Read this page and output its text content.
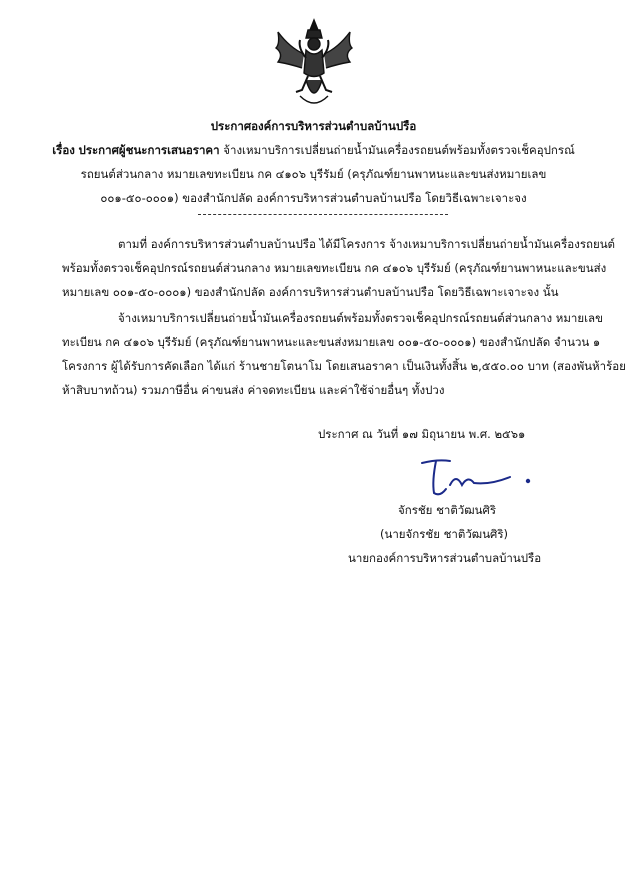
ประกาศองค์การบริหารส่วนตำบลบ้านปรือ
เรื่อง ประกาศผู้ชนะการเสนอราคา จ้างเหมาบริการเปลี่ยนถ่ายน้ำมันเครื่องรถยนต์พร้อมทั้งตรวจเช็คอุปกรณ์
รถยนต์ส่วนกลาง หมายเลขทะเบียน กค ๔๑๐๖ บุรีรัมย์ (ครุภัณฑ์ยานพาหนะและขนส่งหมายเลข
๐๐๑-๕๐-๐๐๐๑) ของสำนักปลัด องค์การบริหารส่วนตำบลบ้านปรือ โดยวิธีเฉพาะเจาะจง
ตามที่ องค์การบริหารส่วนตำบลบ้านปรือ ได้มีโครงการ จ้างเหมาบริการเปลี่ยนถ่ายน้ำมันเครื่องรถยนต์
พร้อมทั้งตรวจเช็คอุปกรณ์รถยนต์ส่วนกลาง หมายเลขทะเบียน กค ๔๑๐๖ บุรีรัมย์ (ครุภัณฑ์ยานพาหนะและขนส่ง
หมายเลข ๐๐๑-๕๐-๐๐๐๑) ของสำนักปลัด องค์การบริหารส่วนตำบลบ้านปรือ โดยวิธีเฉพาะเจาะจง นั้น
จ้างเหมาบริการเปลี่ยนถ่ายน้ำมันเครื่องรถยนต์พร้อมทั้งตรวจเช็คอุปกรณ์รถยนต์ส่วนกลาง หมายเลข
ทะเบียน กค ๔๑๐๖ บุรีรัมย์ (ครุภัณฑ์ยานพาหนะและขนส่งหมายเลข ๐๐๑-๕๐-๐๐๐๑) ของสำนักปลัด จำนวน ๑
โครงการ ผู้ได้รับการคัดเลือก ได้แก่ ร้านชายโตนาโม โดยเสนอราคา เป็นเงินทั้งสิ้น ๒,๕๕๐.๐๐ บาท (สองพันห้าร้อย
ห้าสิบบาทถ้วน) รวมภาษีอื่น ค่าขนส่ง ค่าจดทะเบียน และค่าใช้จ่ายอื่นๆ ทั้งปวง
ประกาศ ณ วันที่ ๑๗ มิถุนายน พ.ศ. ๒๕๖๑
จักรชัย ชาติวัฒนศิริ
(นายจักรชัย ชาติวัฒนศิริ)
นายกองค์การบริหารส่วนตำบลบ้านปรือ
